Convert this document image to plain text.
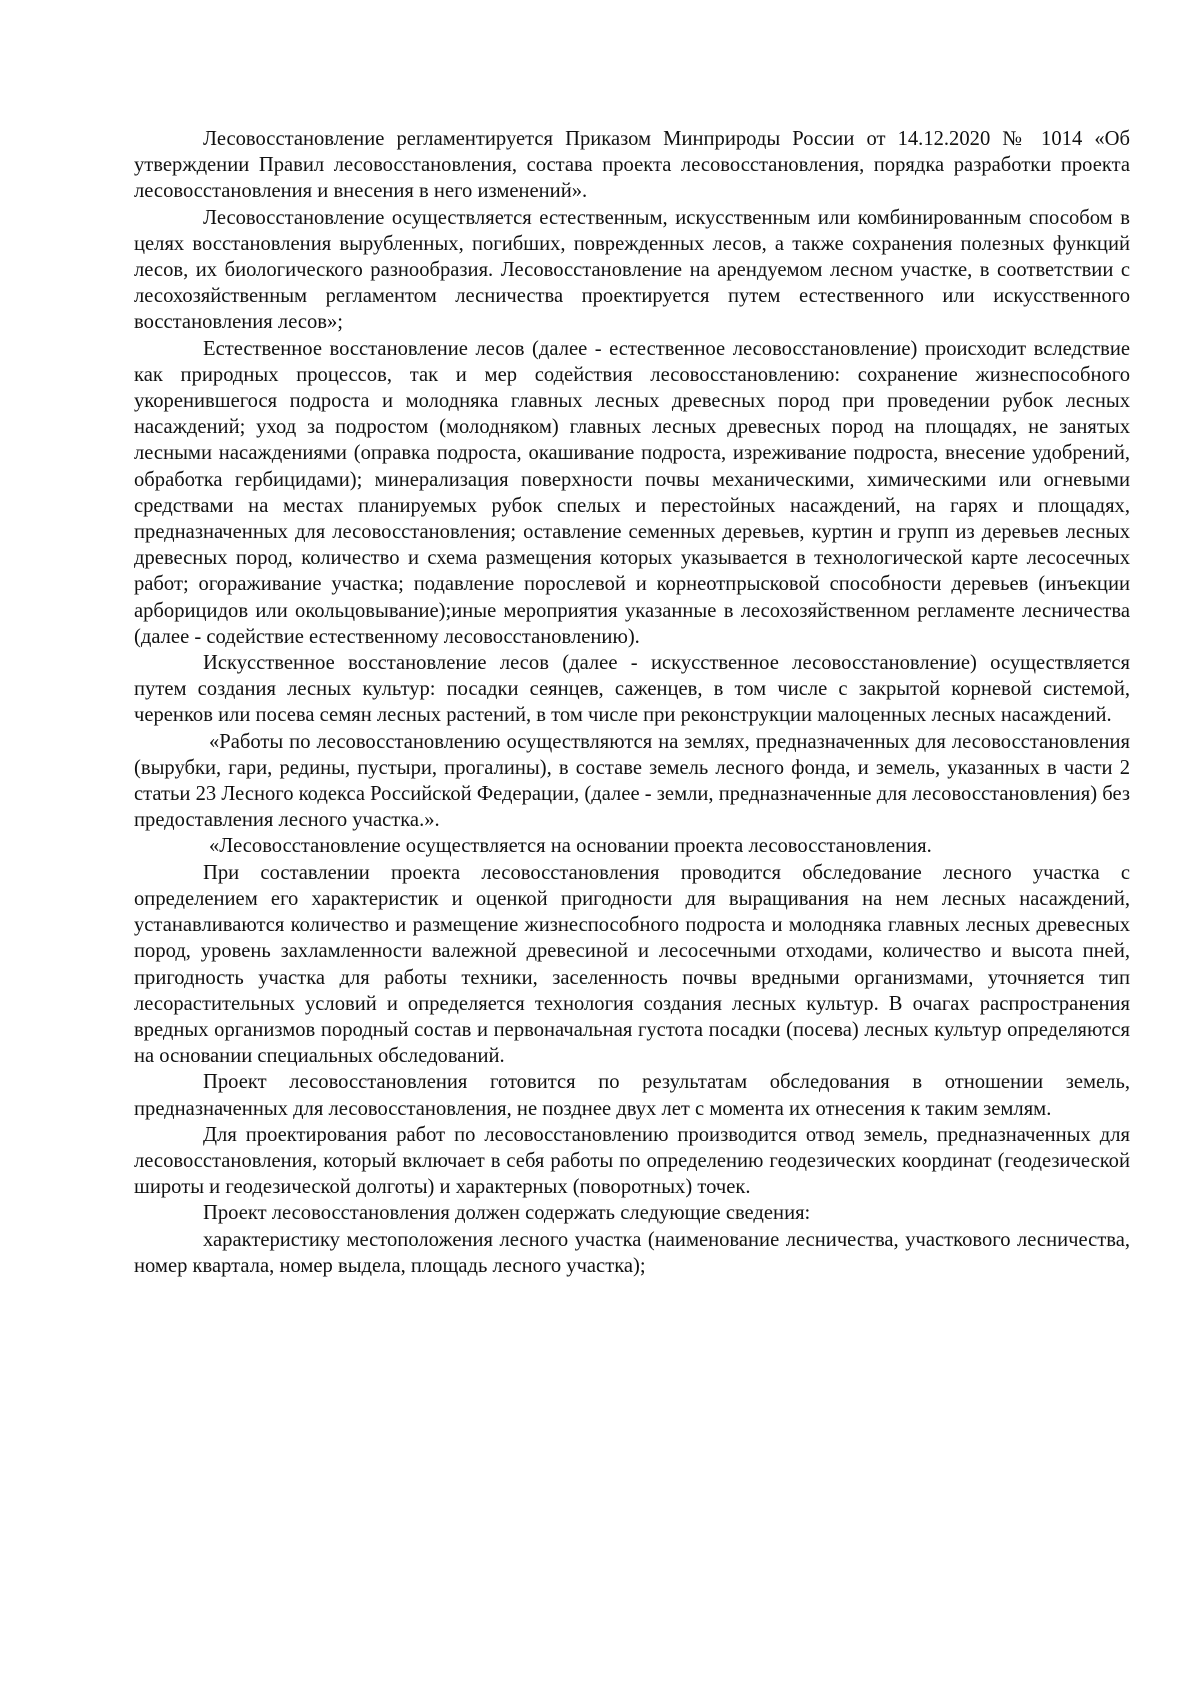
Лесовосстановление регламентируется Приказом Минприроды России от 14.12.2020 № 1014 «Об утверждении Правил лесовосстановления, состава проекта лесовосстановления, порядка разработки проекта лесовосстановления и внесения в него изменений».

Лесовосстановление осуществляется естественным, искусственным или комбинированным способом в целях восстановления вырубленных, погибших, поврежденных лесов, а также сохранения полезных функций лесов, их биологического разнообразия. Лесовосстановление на арендуемом лесном участке, в соответствии с лесохозяйственным регламентом лесничества проектируется путем естественного или искусственного восстановления лесов»;

Естественное восстановление лесов (далее - естественное лесовосстановление) происходит вследствие как природных процессов, так и мер содействия лесовосстановлению: сохранение жизнеспособного укоренившегося подроста и молодняка главных лесных древесных пород при проведении рубок лесных насаждений; уход за подростом (молодняком) главных лесных древесных пород на площадях, не занятых лесными насаждениями (оправка подроста, окашивание подроста, изреживание подроста, внесение удобрений, обработка гербицидами); минерализация поверхности почвы механическими, химическими или огневыми средствами на местах планируемых рубок спелых и перестойных насаждений, на гарях и площадях, предназначенных для лесовосстановления; оставление семенных деревьев, куртин и групп из деревьев лесных древесных пород, количество и схема размещения которых указывается в технологической карте лесосечных работ; огораживание участка; подавление порослевой и корнеотпрысковой способности деревьев (инъекции арборицидов или окольцовывание);иные мероприятия указанные в лесохозяйственном регламенте лесничества (далее - содействие естественному лесовосстановлению).

Искусственное восстановление лесов (далее - искусственное лесовосстановление) осуществляется путем создания лесных культур: посадки сеянцев, саженцев, в том числе с закрытой корневой системой, черенков или посева семян лесных растений, в том числе при реконструкции малоценных лесных насаждений.

«Работы по лесовосстановлению осуществляются на землях, предназначенных для лесовосстановления (вырубки, гари, редины, пустыри, прогалины), в составе земель лесного фонда, и земель, указанных в части 2 статьи 23 Лесного кодекса Российской Федерации, (далее - земли, предназначенные для лесовосстановления) без предоставления лесного участка.».

«Лесовосстановление осуществляется на основании проекта лесовосстановления.

При составлении проекта лесовосстановления проводится обследование лесного участка с определением его характеристик и оценкой пригодности для выращивания на нем лесных насаждений, устанавливаются количество и размещение жизнеспособного подроста и молодняка главных лесных древесных пород, уровень захламленности валежной древесиной и лесосечными отходами, количество и высота пней, пригодность участка для работы техники, заселенность почвы вредными организмами, уточняется тип лесорастительных условий и определяется технология создания лесных культур. В очагах распространения вредных организмов породный состав и первоначальная густота посадки (посева) лесных культур определяются на основании специальных обследований.

Проект лесовосстановления готовится по результатам обследования в отношении земель, предназначенных для лесовосстановления, не позднее двух лет с момента их отнесения к таким землям.

Для проектирования работ по лесовосстановлению производится отвод земель, предназначенных для лесовосстановления, который включает в себя работы по определению геодезических координат (геодезической широты и геодезической долготы) и характерных (поворотных) точек.

Проект лесовосстановления должен содержать следующие сведения:

характеристику местоположения лесного участка (наименование лесничества, участкового лесничества, номер квартала, номер выдела, площадь лесного участка);
